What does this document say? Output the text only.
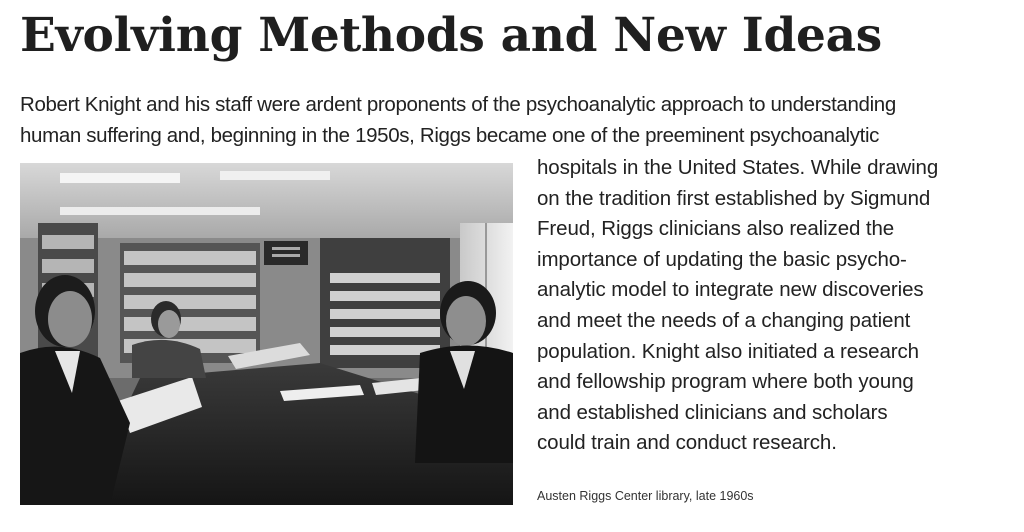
Evolving Methods and New Ideas

Robert Knight and his staff were ardent proponents of the psychoanalytic approach to understanding
human suffering and, beginning in the 1950s, Riggs became one of the preeminent psychoanalytic

hospitals in the United States. While drawing
on the tradition first established by Sigmund
Freud, Riggs clinicians also realized the
importance of updating the basic psycho-
analytic model to integrate new discoveries
and meet the needs of a changing patient
population. Knight also initiated a research
and fellowship program where both young
and established clinicians and scholars
could train and conduct research.

Austen Riggs Center library, late 1960s
